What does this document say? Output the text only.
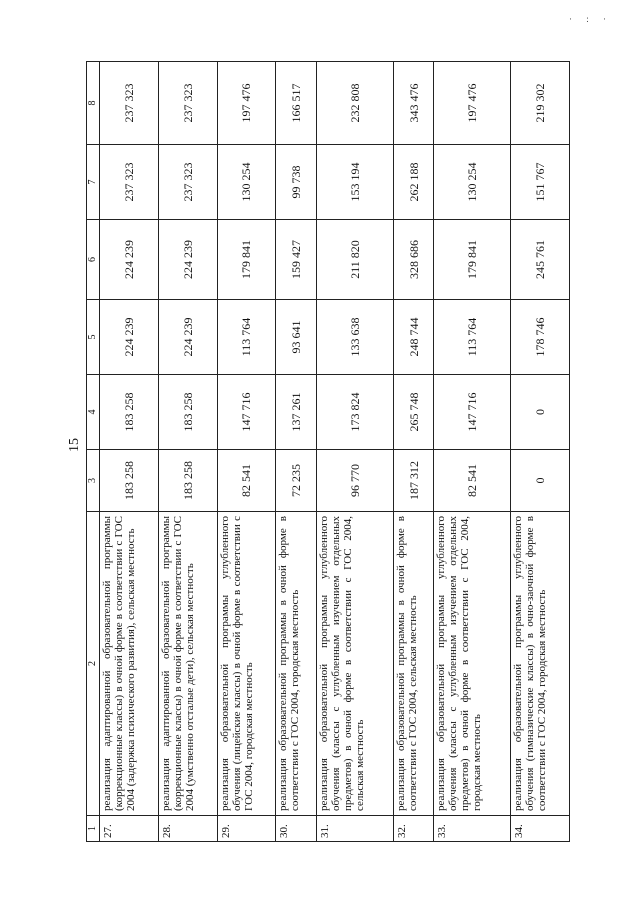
15
· : ·
1	2	3	4	5	6	7	8
27.	реализация адаптированной образовательной программы (коррекционные классы) в очной форме в соответствии с ГОС 2004 (задержка психического развития), сельская местность	183 258	183 258	224 239	224 239	237 323	237 323
28.	реализация адаптированной образовательной программы (коррекционные классы) в очной форме в соответствии с ГОС 2004 (умственно отсталые дети), сельская местность	183 258	183 258	224 239	224 239	237 323	237 323
29.	реализация образовательной программы углубленного обучения (лицейские классы) в очной форме в соответствии с ГОС 2004, городская местность	82 541	147 716	113 764	179 841	130 254	197 476
30.	реализация образовательной программы в очной форме в соответствии с ГОС 2004, городская местность	72 235	137 261	93 641	159 427	99 738	166 517
31.	реализация образовательной программы углубленного обучения (классы с углубленным изучением отдельных предметов) в очной форме в соответствии с ГОС 2004, сельская местность	96 770	173 824	133 638	211 820	153 194	232 808
32.	реализация образовательной программы в очной форме в соответствии с ГОС 2004, сельская местность	187 312	265 748	248 744	328 686	262 188	343 476
33.	реализация образовательной программы углубленного обучения (классы с углубленным изучением отдельных предметов) в очной форме в соответствии с ГОС 2004, городская местность	82 541	147 716	113 764	179 841	130 254	197 476
34.	реализация образовательной программы углубленного обучения (гимназические классы) в очно-заочной форме в соответствии с ГОС 2004, городская местность	0	0	178 746	245 761	151 767	219 302
